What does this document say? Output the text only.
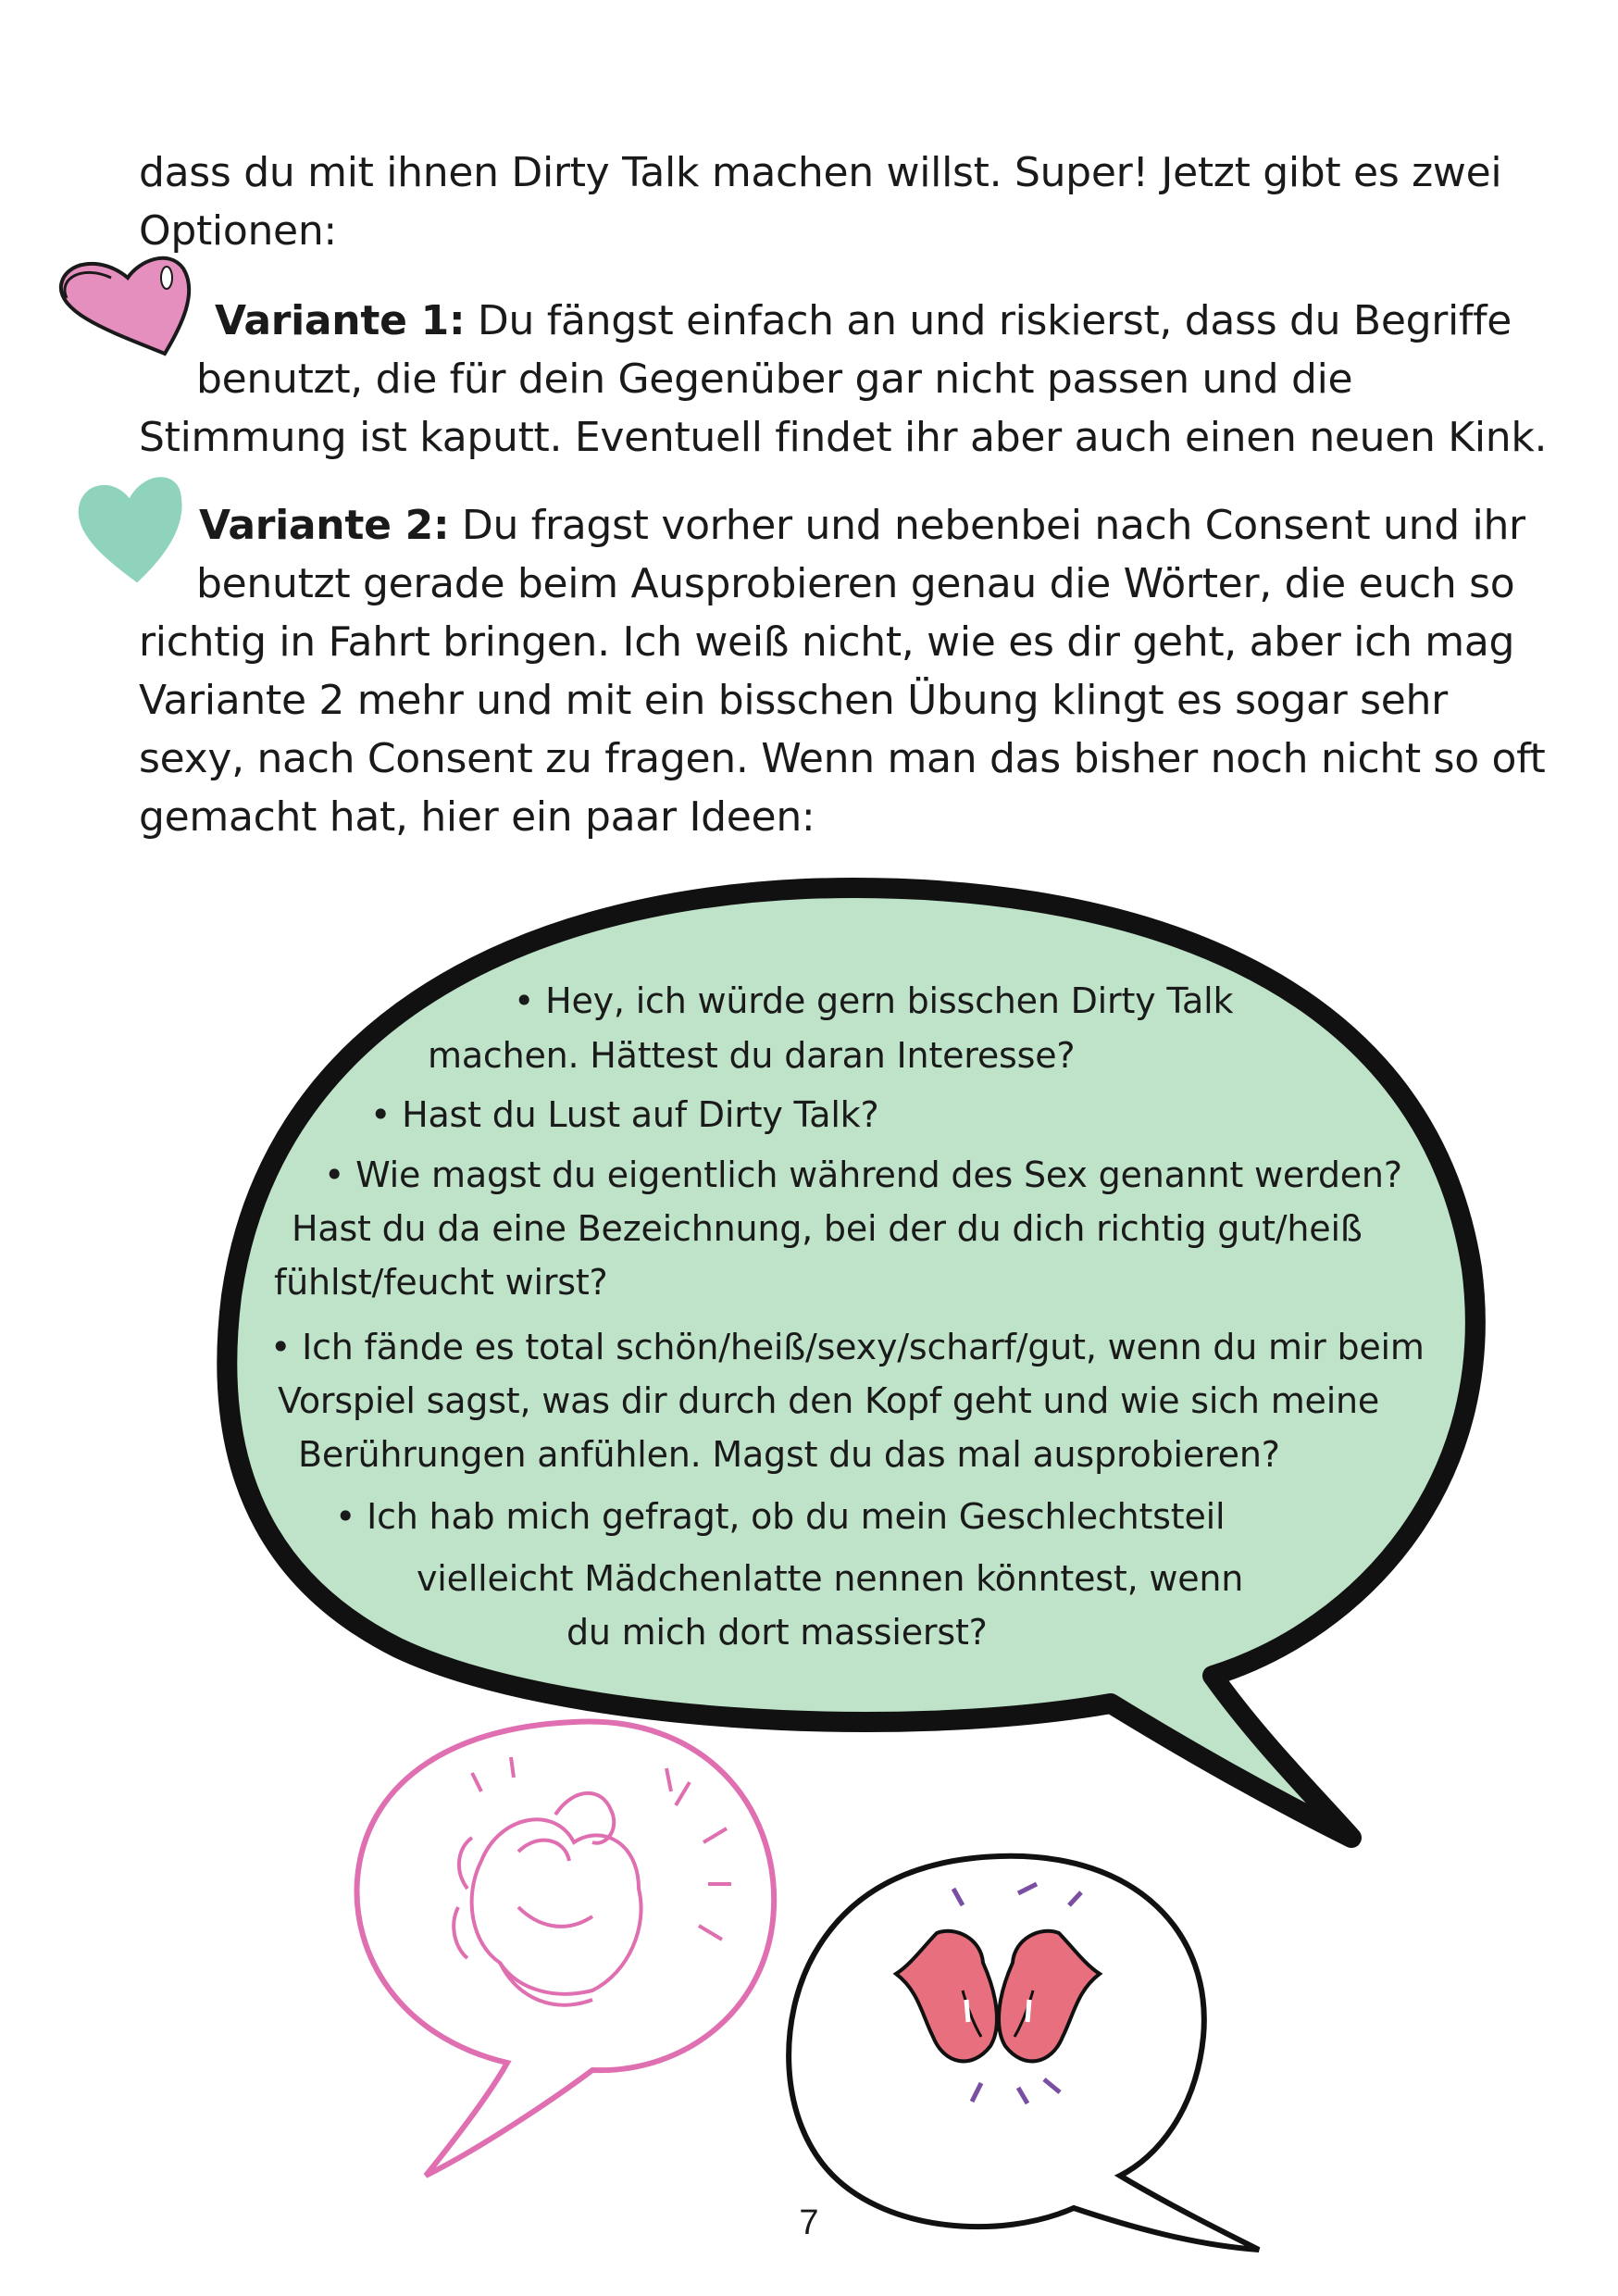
dass du mit ihnen Dirty Talk machen willst. Super! Jetzt gibt es zwei
Optionen:
Variante 1: Du fängst einfach an und riskierst, dass du Begriffe
benutzt, die für dein Gegenüber gar nicht passen und die
Stimmung ist kaputt. Eventuell findet ihr aber auch einen neuen Kink.
Variante 2: Du fragst vorher und nebenbei nach Consent und ihr
benutzt gerade beim Ausprobieren genau die Wörter, die euch so
richtig in Fahrt bringen. Ich weiß nicht, wie es dir geht, aber ich mag
Variante 2 mehr und mit ein bisschen Übung klingt es sogar sehr
sexy, nach Consent zu fragen. Wenn man das bisher noch nicht so oft
gemacht hat, hier ein paar Ideen:
• Hey, ich würde gern bisschen Dirty Talk
machen. Hättest du daran Interesse?
• Hast du Lust auf Dirty Talk?
• Wie magst du eigentlich während des Sex genannt werden?
Hast du da eine Bezeichnung, bei der du dich richtig gut/heiß
fühlst/feucht wirst?
• Ich fände es total schön/heiß/sexy/scharf/gut, wenn du mir beim
Vorspiel sagst, was dir durch den Kopf geht und wie sich meine
Berührungen anfühlen. Magst du das mal ausprobieren?
• Ich hab mich gefragt, ob du mein Geschlechtsteil
vielleicht Mädchenlatte nennen könntest, wenn
du mich dort massierst?
7
